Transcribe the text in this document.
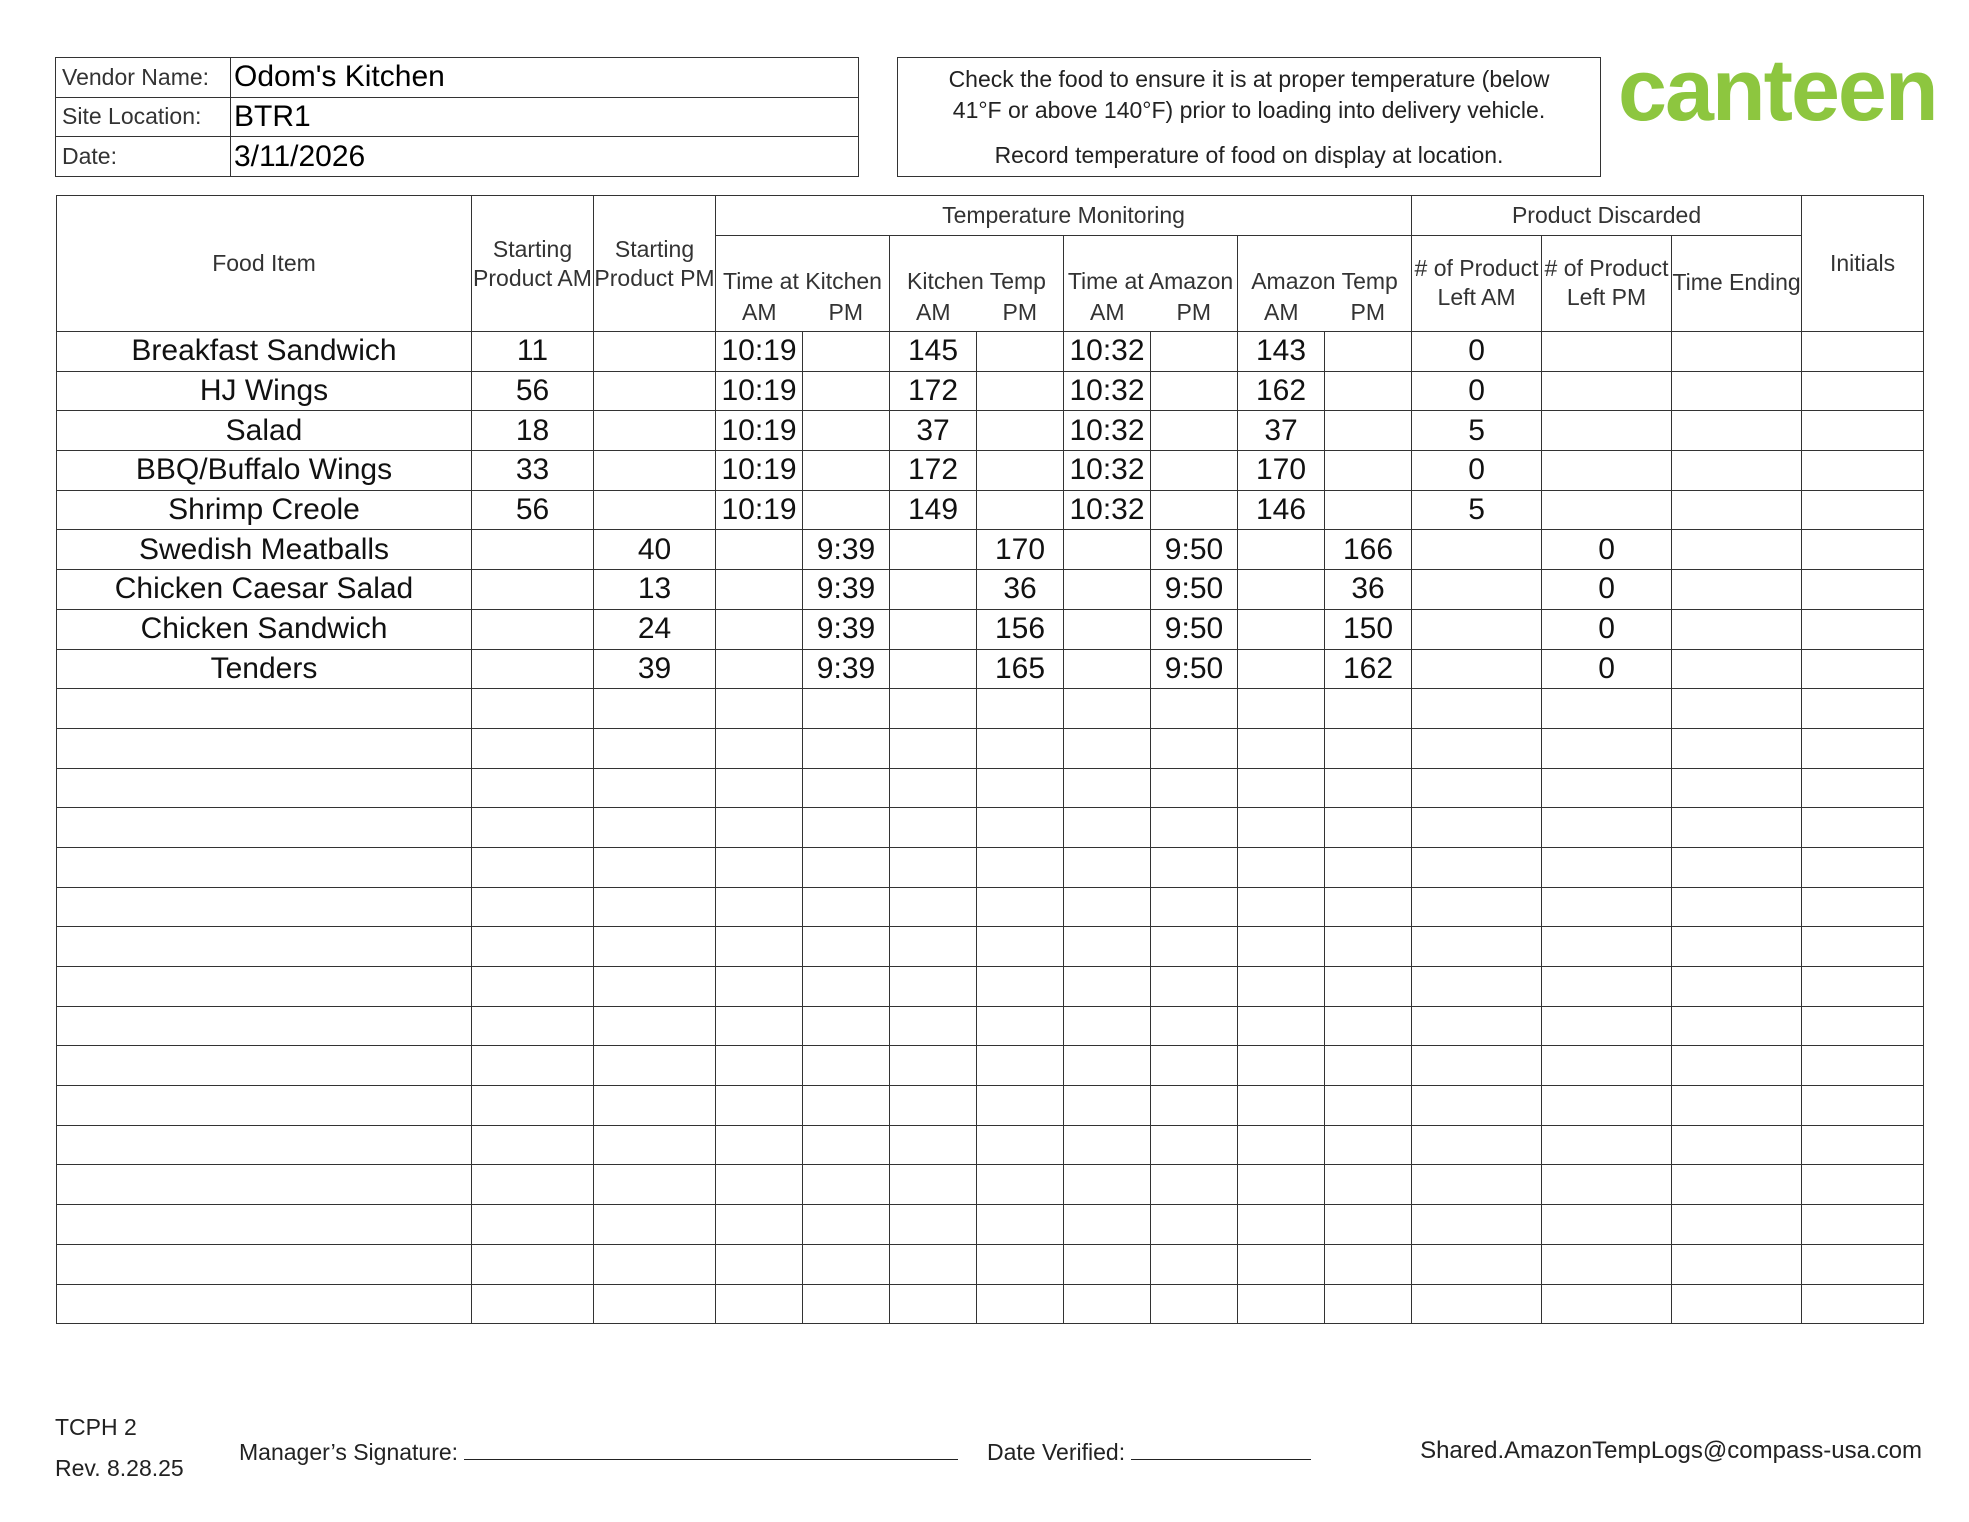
Vendor Name:	Odom's Kitchen
Site Location:	BTR1
Date:	3/11/2026
Check the food to ensure it is at proper temperature (below
41°F or above 140°F) prior to loading into delivery vehicle.
Record temperature of food on display at location.
canteen
Food Item	Starting Product AM	Starting Product PM	Temperature Monitoring								Product Discarded			Initials
			Time at Kitchen		Kitchen Temp		Time at Amazon		Amazon Temp		# of Product Left AM	# of Product Left PM	Time Ending	
			AM	PM	AM	PM	AM	PM	AM	PM				
Breakfast Sandwich	11		10:19		145		10:32		143		0			
HJ Wings	56		10:19		172		10:32		162		0			
Salad	18		10:19		37		10:32		37		5			
BBQ/Buffalo Wings	33		10:19		172		10:32		170		0			
Shrimp Creole	56		10:19		149		10:32		146		5			
Swedish Meatballs		40		9:39		170		9:50		166		0		
Chicken Caesar Salad		13		9:39		36		9:50		36		0		
Chicken Sandwich		24		9:39		156		9:50		150		0		
Tenders		39		9:39		165		9:50		162		0		

TCPH 2
Rev. 8.28.25
Manager’s Signature:	Date Verified:	Shared.AmazonTempLogs@compass-usa.com
